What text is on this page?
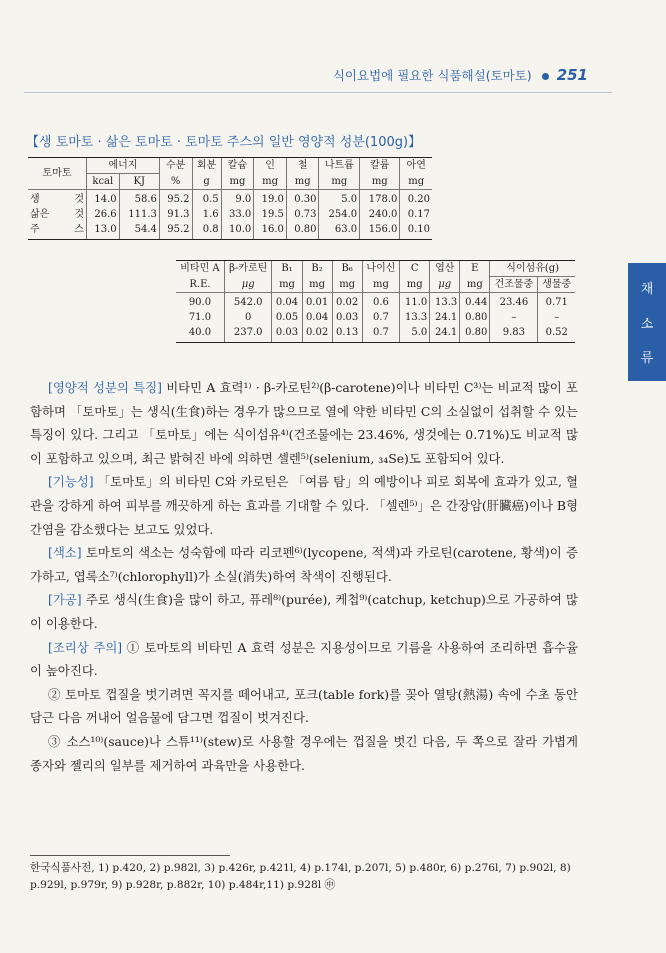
식이요법에 필요한 식품해설(토마토) 251
채
소
류
【생 토마토 · 삶은 토마토 · 토마토 주스의 일반 영양적 성분(100g)】
토마토	에너지		수분	회분	칼슘	인	철	나트륨	칼륨	아연
	kcal	KJ	%	g	mg	mg	mg	mg	mg	mg
생 것	14.0	58.6	95.2	0.5	9.0	19.0	0.30	5.0	178.0	0.20
삶은 것	26.6	111.3	91.3	1.6	33.0	19.5	0.73	254.0	240.0	0.17
주 스	13.0	54.4	95.2	0.8	10.0	16.0	0.80	63.0	156.0	0.10
비타민 A	β-카로틴	B₁	B₂	B₆	나이신	C	엽산	E	식이섬유(g)	
R.E.	μg	mg	mg	mg	mg	mg	μg	mg	건조물중	생물중
90.0	542.0	0.04	0.01	0.02	0.6	11.0	13.3	0.44	23.46	0.71
71.0	0	0.05	0.04	0.03	0.7	13.3	24.1	0.80	–	–
40.0	237.0	0.03	0.02	0.13	0.7	5.0	24.1	0.80	9.83	0.52

[영양적 성분의 특징] 비타민 A 효력¹⁾ · β-카로틴²⁾(β-carotene)이나 비타민 C³⁾는 비교적 많이 포함하며 「토마토」는 생식(生食)하는 경우가 많으므로 열에 약한 비타민 C의 소실없이 섭취할 수 있는 특징이 있다. 그리고 「토마토」에는 식이섬유⁴⁾(건조물에는 23.46%, 생것에는 0.71%)도 비교적 많이 포함하고 있으며, 최근 밝혀진 바에 의하면 셀렌⁵⁾(selenium, ₃₄Se)도 포함되어 있다.

[기능성] 「토마토」의 비타민 C와 카로틴은 「여름 탐」의 예방이나 피로 회복에 효과가 있고, 혈관을 강하게 하여 피부를 깨끗하게 하는 효과를 기대할 수 있다. 「셀렌⁵⁾」은 간장암(肝臟癌)이나 B형 간염을 감소했다는 보고도 있었다.

[색소] 토마토의 색소는 성숙함에 따라 리코펜⁶⁾(lycopene, 적색)과 카로틴(carotene, 황색)이 증가하고, 엽록소⁷⁾(chlorophyll)가 소실(消失)하여 착색이 진행된다.

[가공] 주로 생식(生食)을 많이 하고, 퓨레⁸⁾(purée), 케첩⁹⁾(catchup, ketchup)으로 가공하여 많이 이용한다.

[조리상 주의] ① 토마토의 비타민 A 효력 성분은 지용성이므로 기름을 사용하여 조리하면 흡수율이 높아진다.

② 토마토 껍질을 벗기려면 꼭지를 떼어내고, 포크(table fork)를 꽂아 열탕(熱湯) 속에 수초 동안 담근 다음 꺼내어 얼음물에 담그면 껍질이 벗겨진다.

③ 소스¹⁰⁾(sauce)나 스튜¹¹⁾(stew)로 사용할 경우에는 껍질을 벗긴 다음, 두 쪽으로 잘라 가볍게 종자와 젤리의 일부를 제거하여 과육만을 사용한다.

한국식품사전, 1) p.420, 2) p.982l, 3) p.426r, p.421l, 4) p.174l, p.207l, 5) p.480r, 6) p.276l, 7) p.902l, 8) p.929l, p.979r, 9) p.928r, p.882r, 10) p.484r,11) p.928l ㊥
